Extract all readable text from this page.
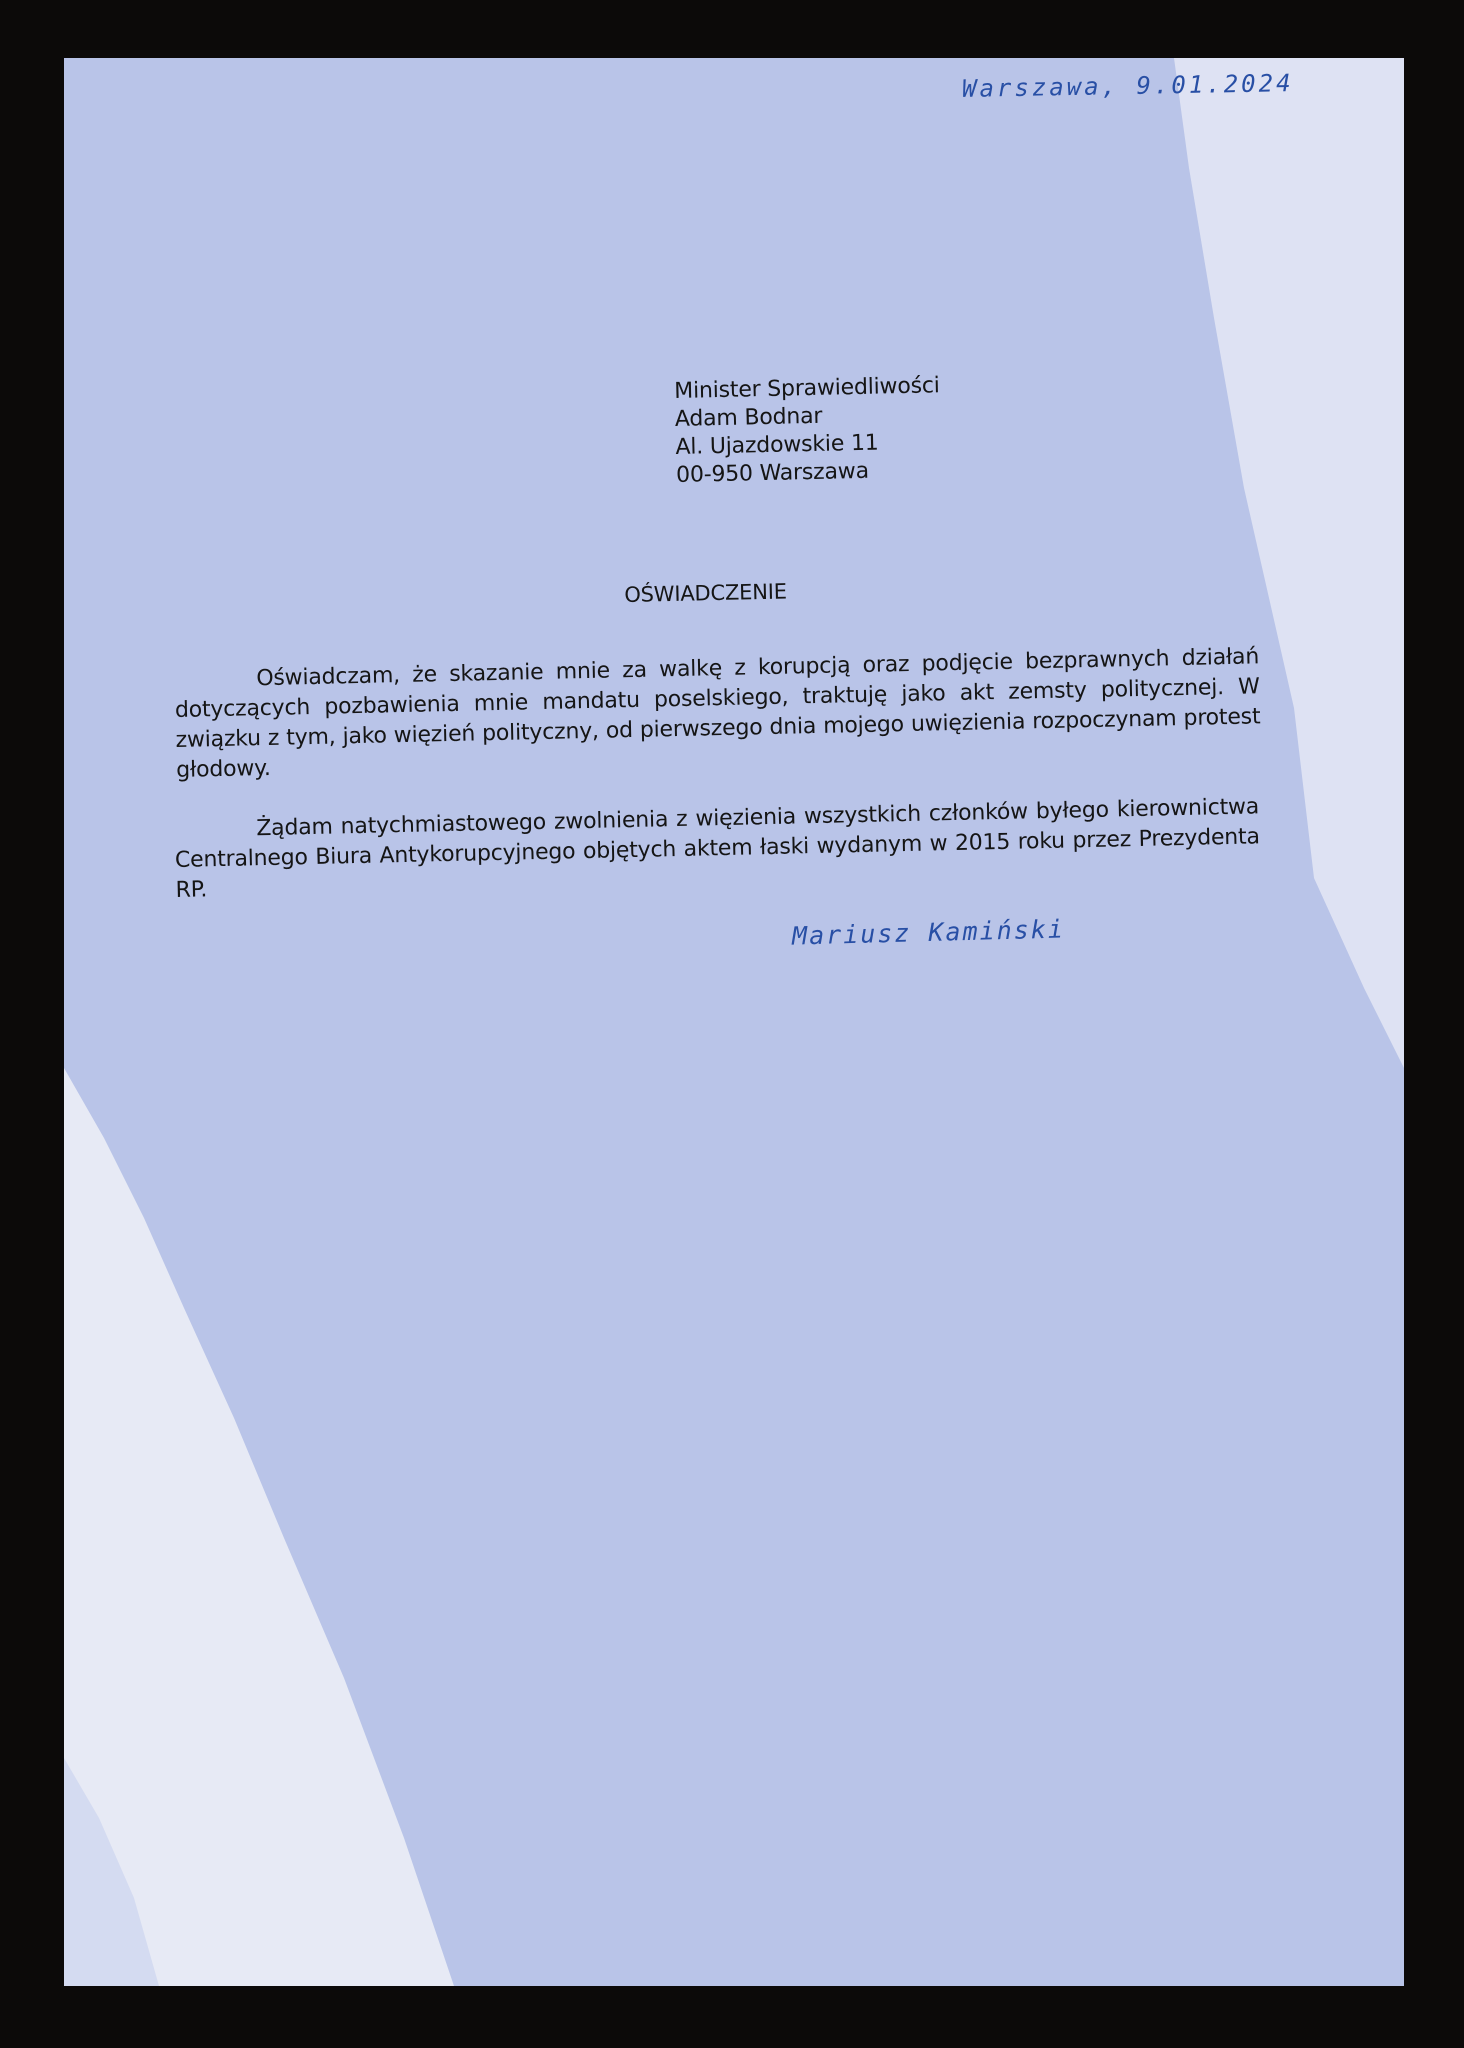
Warszawa, 9.01.2024
Minister Sprawiedliwości
Adam Bodnar
Al. Ujazdowskie 11
00-950 Warszawa
OŚWIADCZENIE
Oświadczam, że skazanie mnie za walkę z korupcją oraz podjęcie bezprawnych działań dotyczących pozbawienia mnie mandatu poselskiego, traktuję jako akt zemsty politycznej. W związku z tym, jako więzień polityczny, od pierwszego dnia mojego uwięzienia rozpoczynam protest głodowy.
Żądam natychmiastowego zwolnienia z więzienia wszystkich członków byłego kierownictwa Centralnego Biura Antykorupcyjnego objętych aktem łaski wydanym w 2015 roku przez Prezydenta RP.
Mariusz Kamiński
